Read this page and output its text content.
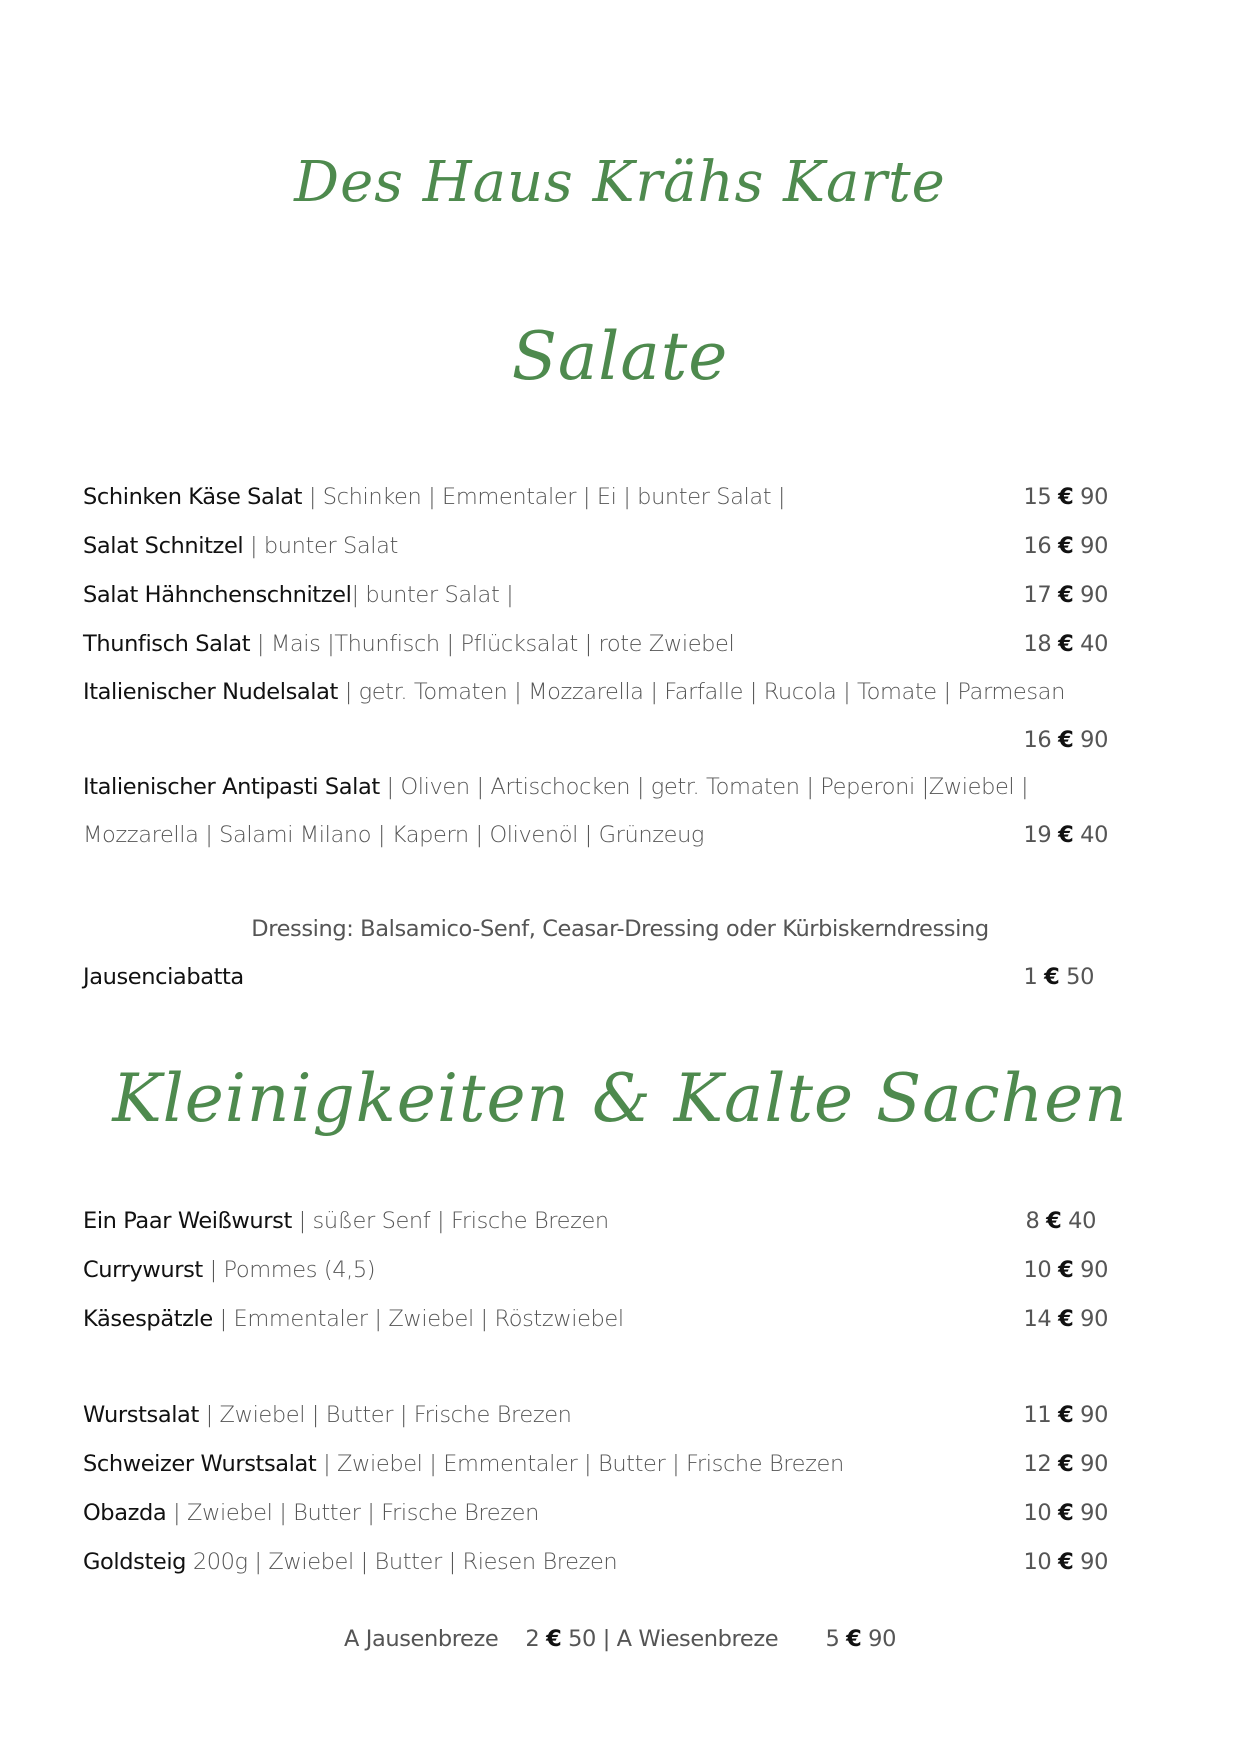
Des Haus Krähs Karte
Salate
Schinken Käse Salat | Schinken | Emmentaler | Ei | bunter Salat |	15 € 90
Salat Schnitzel | bunter Salat	16 € 90
Salat Hähnchenschnitzel| bunter Salat |	17 € 90
Thunfisch Salat | Mais |Thunfisch | Pflücksalat | rote Zwiebel	18 € 40
Italienischer Nudelsalat | getr. Tomaten | Mozzarella | Farfalle | Rucola | Tomate | Parmesan
16 € 90
Italienischer Antipasti Salat | Oliven | Artischocken | getr. Tomaten | Peperoni |Zwiebel |
Mozzarella | Salami Milano | Kapern | Olivenöl | Grünzeug	19 € 40
Dressing: Balsamico-Senf, Ceasar-Dressing oder Kürbiskerndressing
Jausenciabatta	1 € 50
Kleinigkeiten & Kalte Sachen
Ein Paar Weißwurst | süßer Senf | Frische Brezen	8 € 40
Currywurst | Pommes (4,5)	10 € 90
Käsespätzle | Emmentaler | Zwiebel | Röstzwiebel	14 € 90
Wurstsalat | Zwiebel | Butter | Frische Brezen	11 € 90
Schweizer Wurstsalat | Zwiebel | Emmentaler | Butter | Frische Brezen	12 € 90
Obazda | Zwiebel | Butter | Frische Brezen	10 € 90
Goldsteig 200g | Zwiebel | Butter | Riesen Brezen	10 € 90
A Jausenbreze 2 € 50 | A Wiesenbreze 5 € 90
